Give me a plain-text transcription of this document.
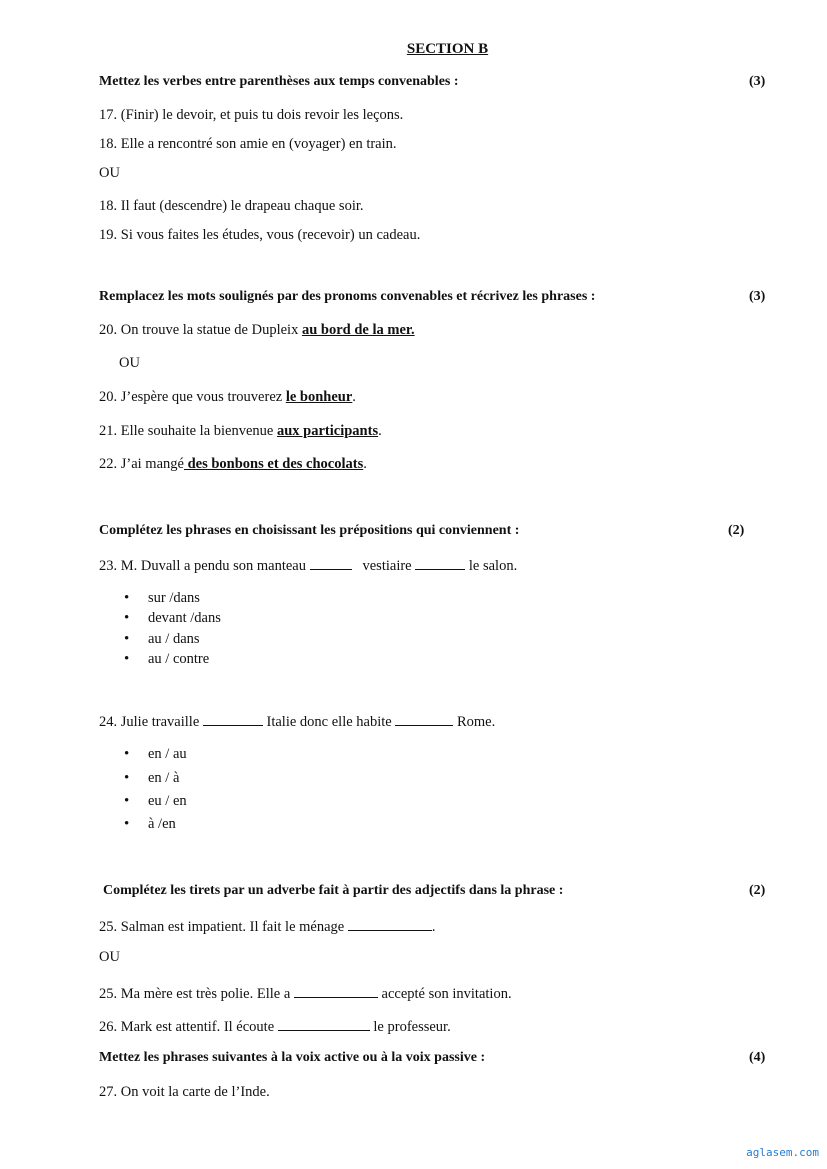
SECTION B
Mettez les verbes entre parenthèses aux temps convenables :	(3)
17. (Finir) le devoir, et puis tu dois revoir les leçons.
18. Elle a rencontré son amie en (voyager) en train.
OU
18. Il faut (descendre) le drapeau chaque soir.
19. Si vous faites les études, vous (recevoir) un cadeau.
Remplacez les mots soulignés par des pronoms convenables et récrivez les phrases :	(3)
20. On trouve la statue de Dupleix au bord de la mer.
OU
20. J’espère que vous trouverez le bonheur.
21. Elle souhaite la bienvenue aux participants.
22. J’ai mangé des bonbons et des chocolats.
Complétez les phrases en choisissant les prépositions qui conviennent :	(2)
23. M. Duvall a pendu son manteau	vestiaire	le salon.
• sur /dans
• devant /dans
• au / dans
• au / contre
24. Julie travaille	Italie donc elle habite	Rome.
• en / au
• en / à
• eu / en
• à /en
Complétez les tirets par un adverbe fait à partir des adjectifs dans la phrase :	(2)
25. Salman est impatient. Il fait le ménage	.
OU
25. Ma mère est très polie. Elle a	accepté son invitation.
26. Mark est attentif. Il écoute	le professeur.
Mettez les phrases suivantes à la voix active ou à la voix passive :	(4)
27. On voit la carte de l’Inde.
aglasem.com
